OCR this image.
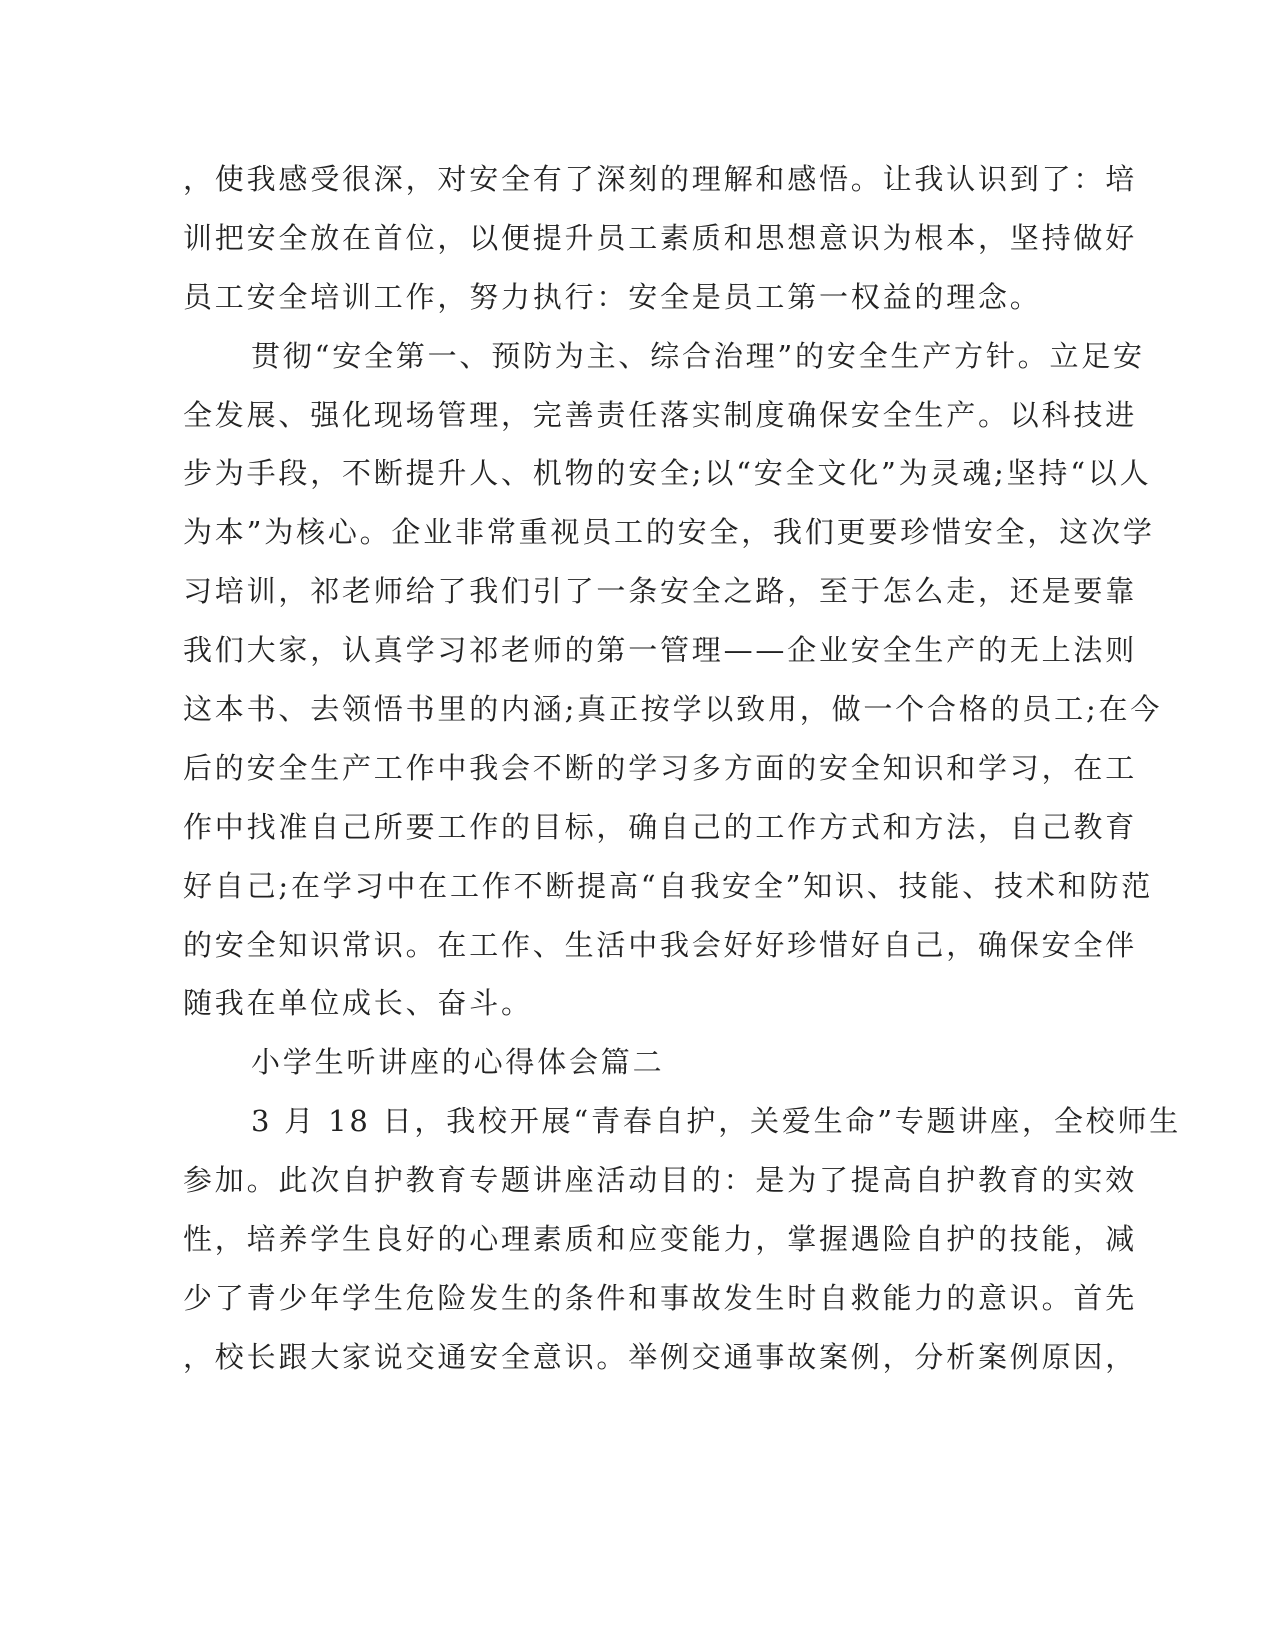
，使我感受很深，对安全有了深刻的理解和感悟。让我认识到了：培
训把安全放在首位，以便提升员工素质和思想意识为根本，坚持做好
员工安全培训工作，努力执行：安全是员工第一权益的理念。
贯彻“安全第一、预防为主、综合治理”的安全生产方针。立足安
全发展、强化现场管理，完善责任落实制度确保安全生产。以科技进
步为手段，不断提升人、机物的安全;以“安全文化”为灵魂;坚持“以人
为本”为核心。企业非常重视员工的安全，我们更要珍惜安全，这次学
习培训，祁老师给了我们引了一条安全之路，至于怎么走，还是要靠
我们大家，认真学习祁老师的第一管理——企业安全生产的无上法则
这本书、去领悟书里的内涵;真正按学以致用，做一个合格的员工;在今
后的安全生产工作中我会不断的学习多方面的安全知识和学习，在工
作中找准自己所要工作的目标，确自己的工作方式和方法，自己教育
好自己;在学习中在工作不断提高“自我安全”知识、技能、技术和防范
的安全知识常识。在工作、生活中我会好好珍惜好自己，确保安全伴
随我在单位成长、奋斗。
小学生听讲座的心得体会篇二
3 月 18 日，我校开展“青春自护，关爱生命”专题讲座，全校师生
参加。此次自护教育专题讲座活动目的：是为了提高自护教育的实效
性，培养学生良好的心理素质和应变能力，掌握遇险自护的技能，减
少了青少年学生危险发生的条件和事故发生时自救能力的意识。首先
，校长跟大家说交通安全意识。举例交通事故案例，分析案例原因，
